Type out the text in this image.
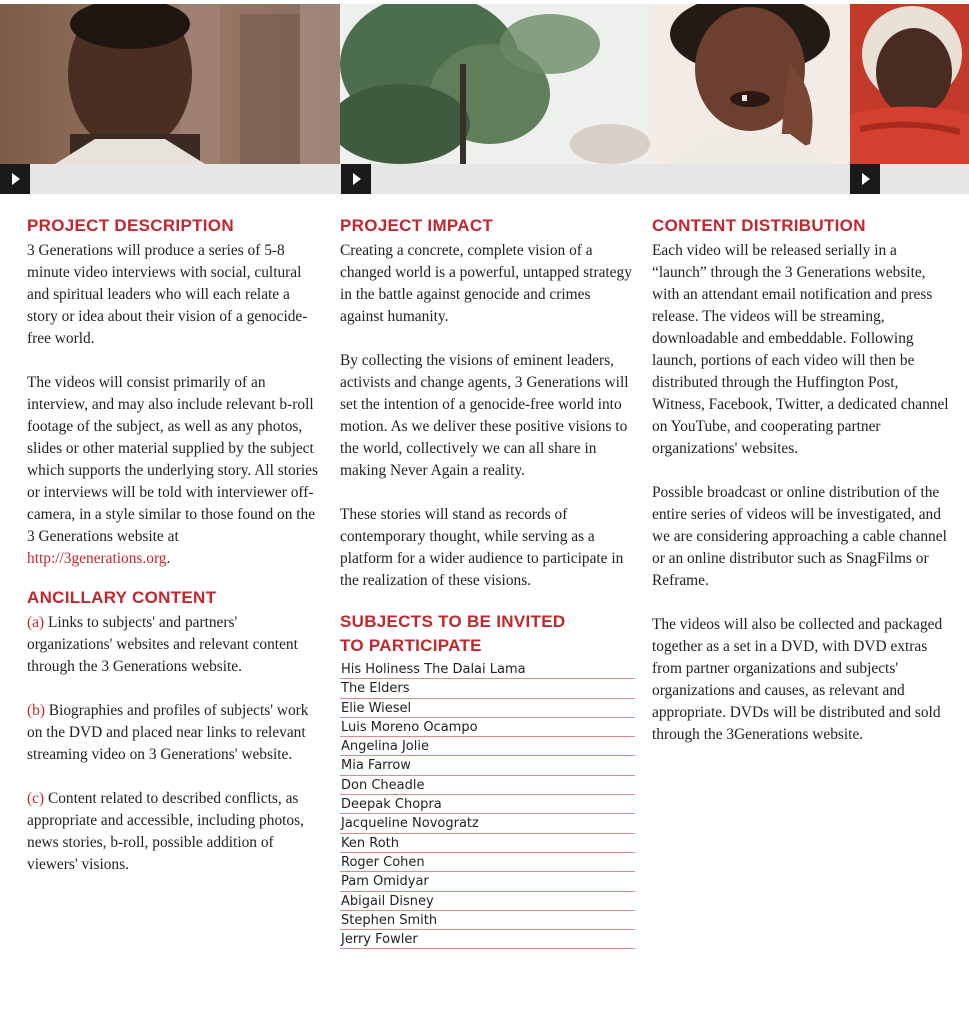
PROJECT DESCRIPTION

3 Generations will produce a series of 5-8 minute video interviews with social, cultural and spiritual leaders who will each relate a story or idea about their vision of a genocide-free world.

The videos will consist primarily of an interview, and may also include relevant b-roll footage of the subject, as well as any photos, slides or other material supplied by the subject which supports the underlying story. All stories or interviews will be told with interviewer off-camera, in a style similar to those found on the 3 Generations website at http://3generations.org.

ANCILLARY CONTENT

(a) Links to subjects' and partners' organizations' websites and relevant content through the 3 Generations website.

(b) Biographies and profiles of subjects' work on the DVD and placed near links to relevant streaming video on 3 Generations' website.

(c) Content related to described conflicts, as appropriate and accessible, including photos, news stories, b-roll, possible addition of viewers' visions.

PROJECT IMPACT

Creating a concrete, complete vision of a changed world is a powerful, untapped strategy in the battle against genocide and crimes against humanity.

By collecting the visions of eminent leaders, activists and change agents, 3 Generations will set the intention of a genocide-free world into motion. As we deliver these positive visions to the world, collectively we can all share in making Never Again a reality.

These stories will stand as records of contemporary thought, while serving as a platform for a wider audience to participate in the realization of these visions.

SUBJECTS TO BE INVITED
TO PARTICIPATE
His Holiness The Dalai Lama
The Elders
Elie Wiesel
Luis Moreno Ocampo
Angelina Jolie
Mia Farrow
Don Cheadle
Deepak Chopra
Jacqueline Novogratz
Ken Roth
Roger Cohen
Pam Omidyar
Abigail Disney
Stephen Smith
Jerry Fowler
CONTENT DISTRIBUTION

Each video will be released serially in a “launch” through the 3 Generations website, with an attendant email notification and press release. The videos will be streaming, downloadable and embeddable. Following launch, portions of each video will then be distributed through the Huffington Post, Witness, Facebook, Twitter, a dedicated channel on YouTube, and cooperating partner organizations' websites.

Possible broadcast or online distribution of the entire series of videos will be investigated, and we are considering approaching a cable channel or an online distributor such as SnagFilms or Reframe.

The videos will also be collected and packaged together as a set in a DVD, with DVD extras from partner organizations and subjects' organizations and causes, as relevant and appropriate. DVDs will be distributed and sold through the 3Generations website.
